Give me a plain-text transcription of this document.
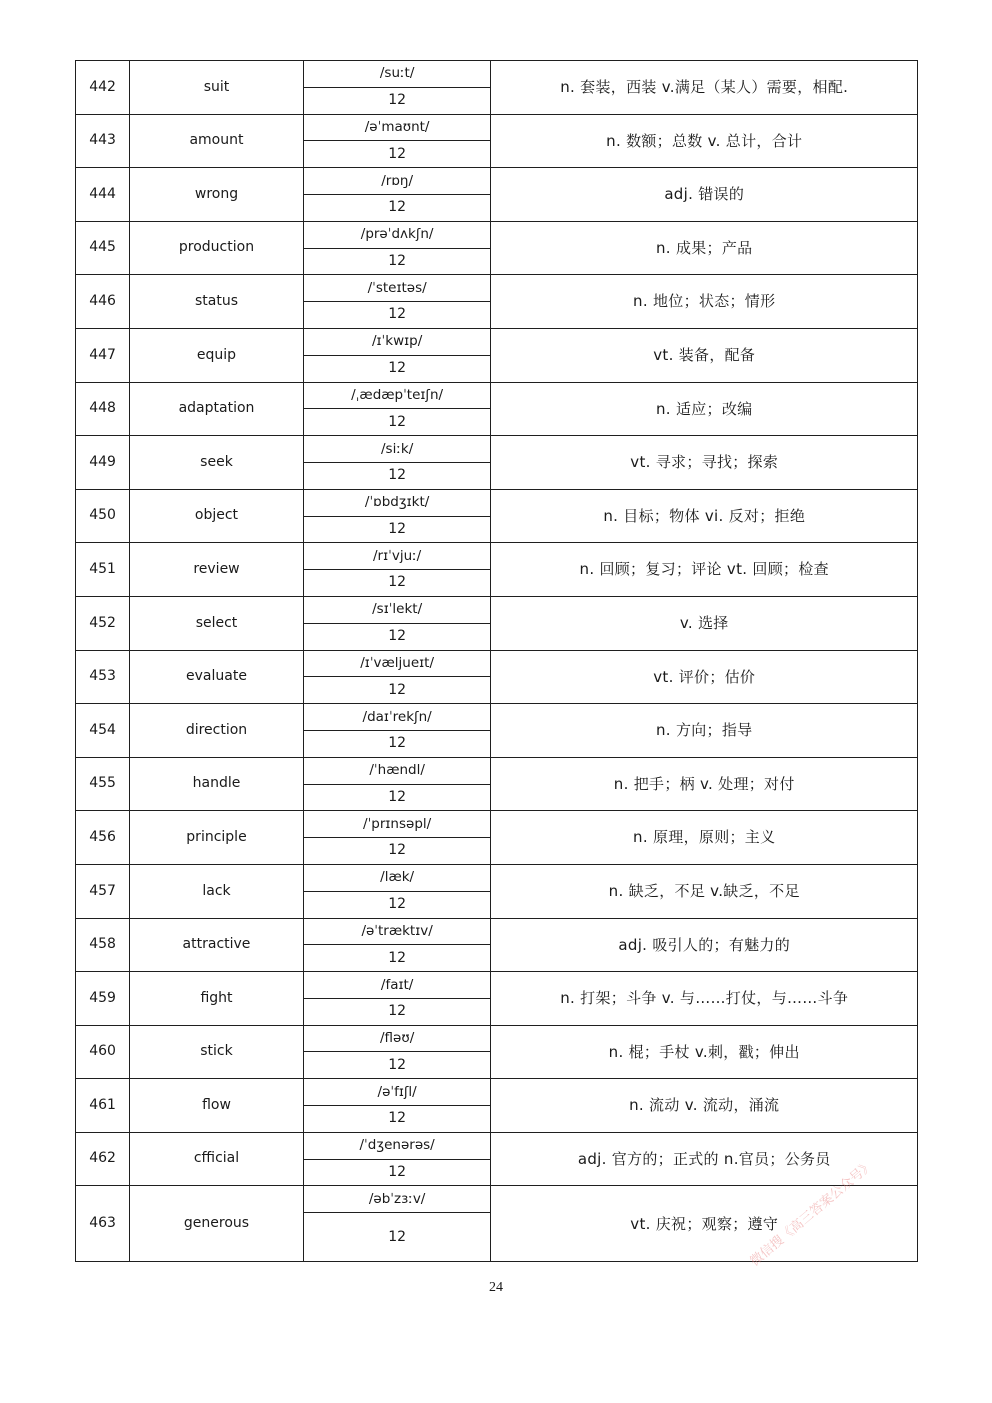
442	suit	/suːt/	n. 套装，西装 v.满足（某人）需要，相配.
		12	
443	amount	/əˈmaʊnt/	n. 数额；总数 v. 总计，合计
		12	
444	wrong	/rɒŋ/	adj. 错误的
		12	
445	production	/prəˈdʌkʃn/	n. 成果；产品
		12	
446	status	/ˈsteɪtəs/	n. 地位；状态；情形
		12	
447	equip	/ɪˈkwɪp/	vt. 装备，配备
		12	
448	adaptation	/ˌædæpˈteɪʃn/	n. 适应；改编
		12	
449	seek	/siːk/	vt. 寻求；寻找；探索
		12	
450	object	/ˈɒbdʒɪkt/	n. 目标；物体 vi. 反对；拒绝
		12	
451	review	/rɪˈvjuː/	n. 回顾；复习；评论 vt. 回顾；检查
		12	
452	select	/sɪˈlekt/	v. 选择
		12	
453	evaluate	/ɪˈvæljueɪt/	vt. 评价；估价
		12	
454	direction	/daɪˈrekʃn/	n. 方向；指导
		12	
455	handle	/ˈhændl/	n. 把手；柄 v. 处理；对付
		12	
456	principle	/ˈprɪnsəpl/	n. 原理，原则；主义
		12	
457	lack	/læk/	n. 缺乏，不足 v.缺乏，不足
		12	
458	attractive	/əˈtræktɪv/	adj. 吸引人的；有魅力的
		12	
459	fight	/faɪt/	n. 打架；斗争 v. 与……打仗，与……斗争
		12	
460	stick	/fləʊ/	n. 棍；手杖 v.刺，戳；伸出
		12	
461	flow	/əˈfɪʃl/	n. 流动 v. 流动，涌流
		12	
462	cfficial	/ˈdʒenərəs/	adj. 官方的；正式的 n.官员；公务员
		12	
463	generous	/əbˈzɜːv/	vt. 庆祝；观察；遵守
		12	
24
微信搜《高三答案公众号》
